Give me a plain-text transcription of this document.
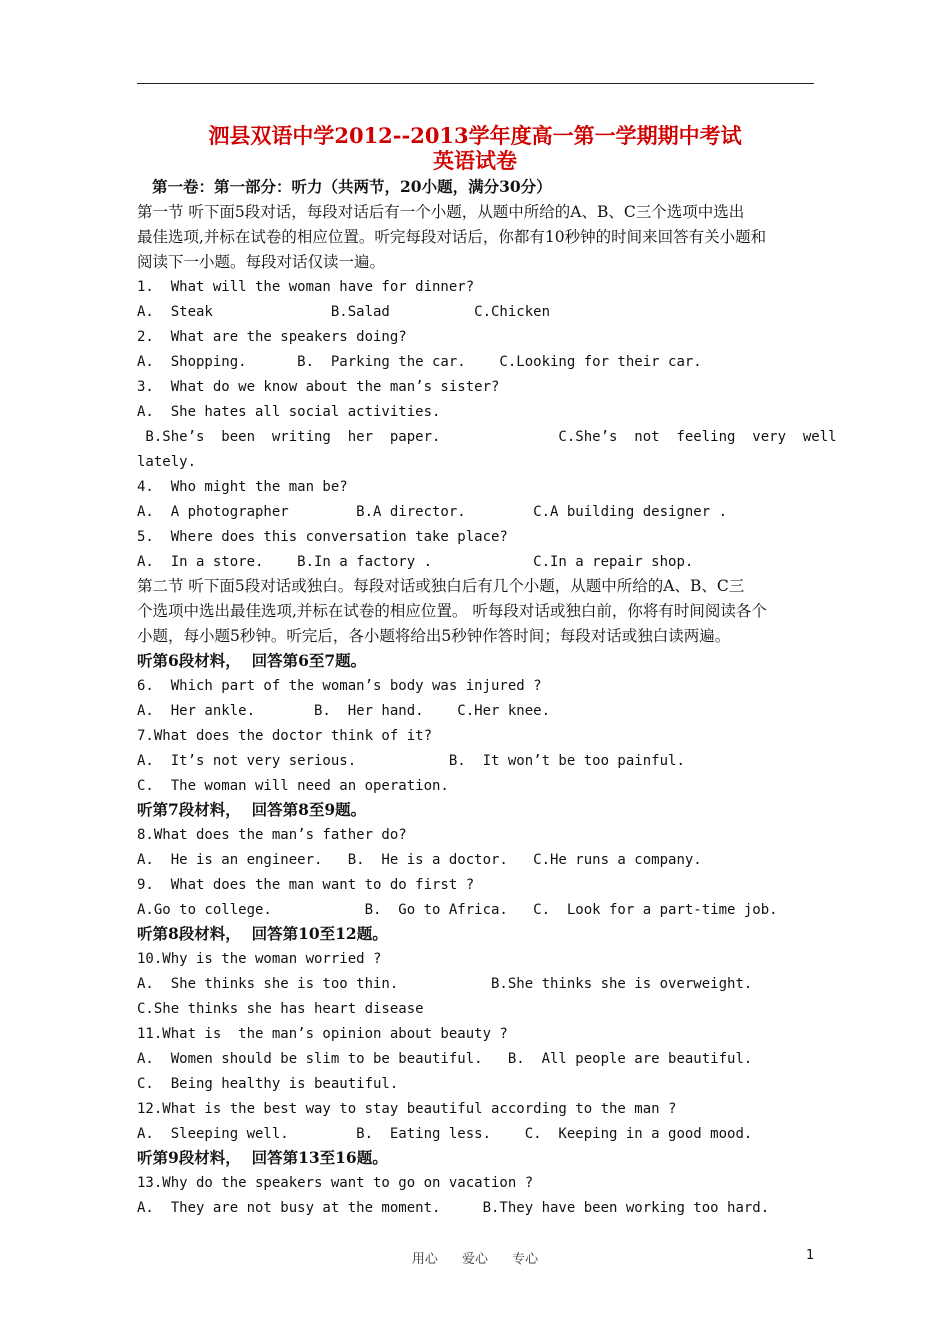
泗县双语中学2012--2013学年度高一第一学期期中考试
英语试卷
第一卷：第一部分：听力（共两节，20小题，满分30分）
第一节 听下面5段对话，每段对话后有一个小题，从题中所给的A、B、C三个选项中选出
最佳选项,并标在试卷的相应位置。听完每段对话后，你都有10秒钟的时间来回答有关小题和
阅读下一小题。每段对话仅读一遍。
1.  What will the woman have for dinner?
A.  Steak              B.Salad          C.Chicken
2.  What are the speakers doing?
A.  Shopping.      B.  Parking the car.    C.Looking for their car.
3.  What do we know about the man’s sister?
A.  She hates all social activities.
B.She’s  been  writing  her  paper.              C.She’s  not  feeling  very  well
lately.
4.  Who might the man be?
A.  A photographer        B.A director.        C.A building designer .
5.  Where does this conversation take place?
A.  In a store.    B.In a factory .            C.In a repair shop.
第二节 听下面5段对话或独白。每段对话或独白后有几个小题，从题中所给的A、B、C三
个选项中选出最佳选项,并标在试卷的相应位置。 听每段对话或独白前，你将有时间阅读各个
小题，每小题5秒钟。听完后，各小题将给出5秒钟作答时间；每段对话或独白读两遍。
听第6段材料，  回答第6至7题。
6.  Which part of the woman’s body was injured ?
A.  Her ankle.       B.  Her hand.    C.Her knee.
7.What does the doctor think of it?
A.  It’s not very serious.           B.  It won’t be too painful.
C.  The woman will need an operation.
听第7段材料，  回答第8至9题。
8.What does the man’s father do?
A.  He is an engineer.   B.  He is a doctor.   C.He runs a company.
9.  What does the man want to do first ?
A.Go to college.           B.  Go to Africa.   C.  Look for a part-time job.
听第8段材料，  回答第10至12题。
10.Why is the woman worried ?
A.  She thinks she is too thin.           B.She thinks she is overweight.
C.She thinks she has heart disease
11.What is  the man’s opinion about beauty ?
A.  Women should be slim to be beautiful.   B.  All people are beautiful.
C.  Being healthy is beautiful.
12.What is the best way to stay beautiful according to the man ?
A.  Sleeping well.        B.  Eating less.    C.  Keeping in a good mood.
听第9段材料，  回答第13至16题。
13.Why do the speakers want to go on vacation ?
A.  They are not busy at the moment.     B.They have been working too hard.
用心 爱心 专心	1
